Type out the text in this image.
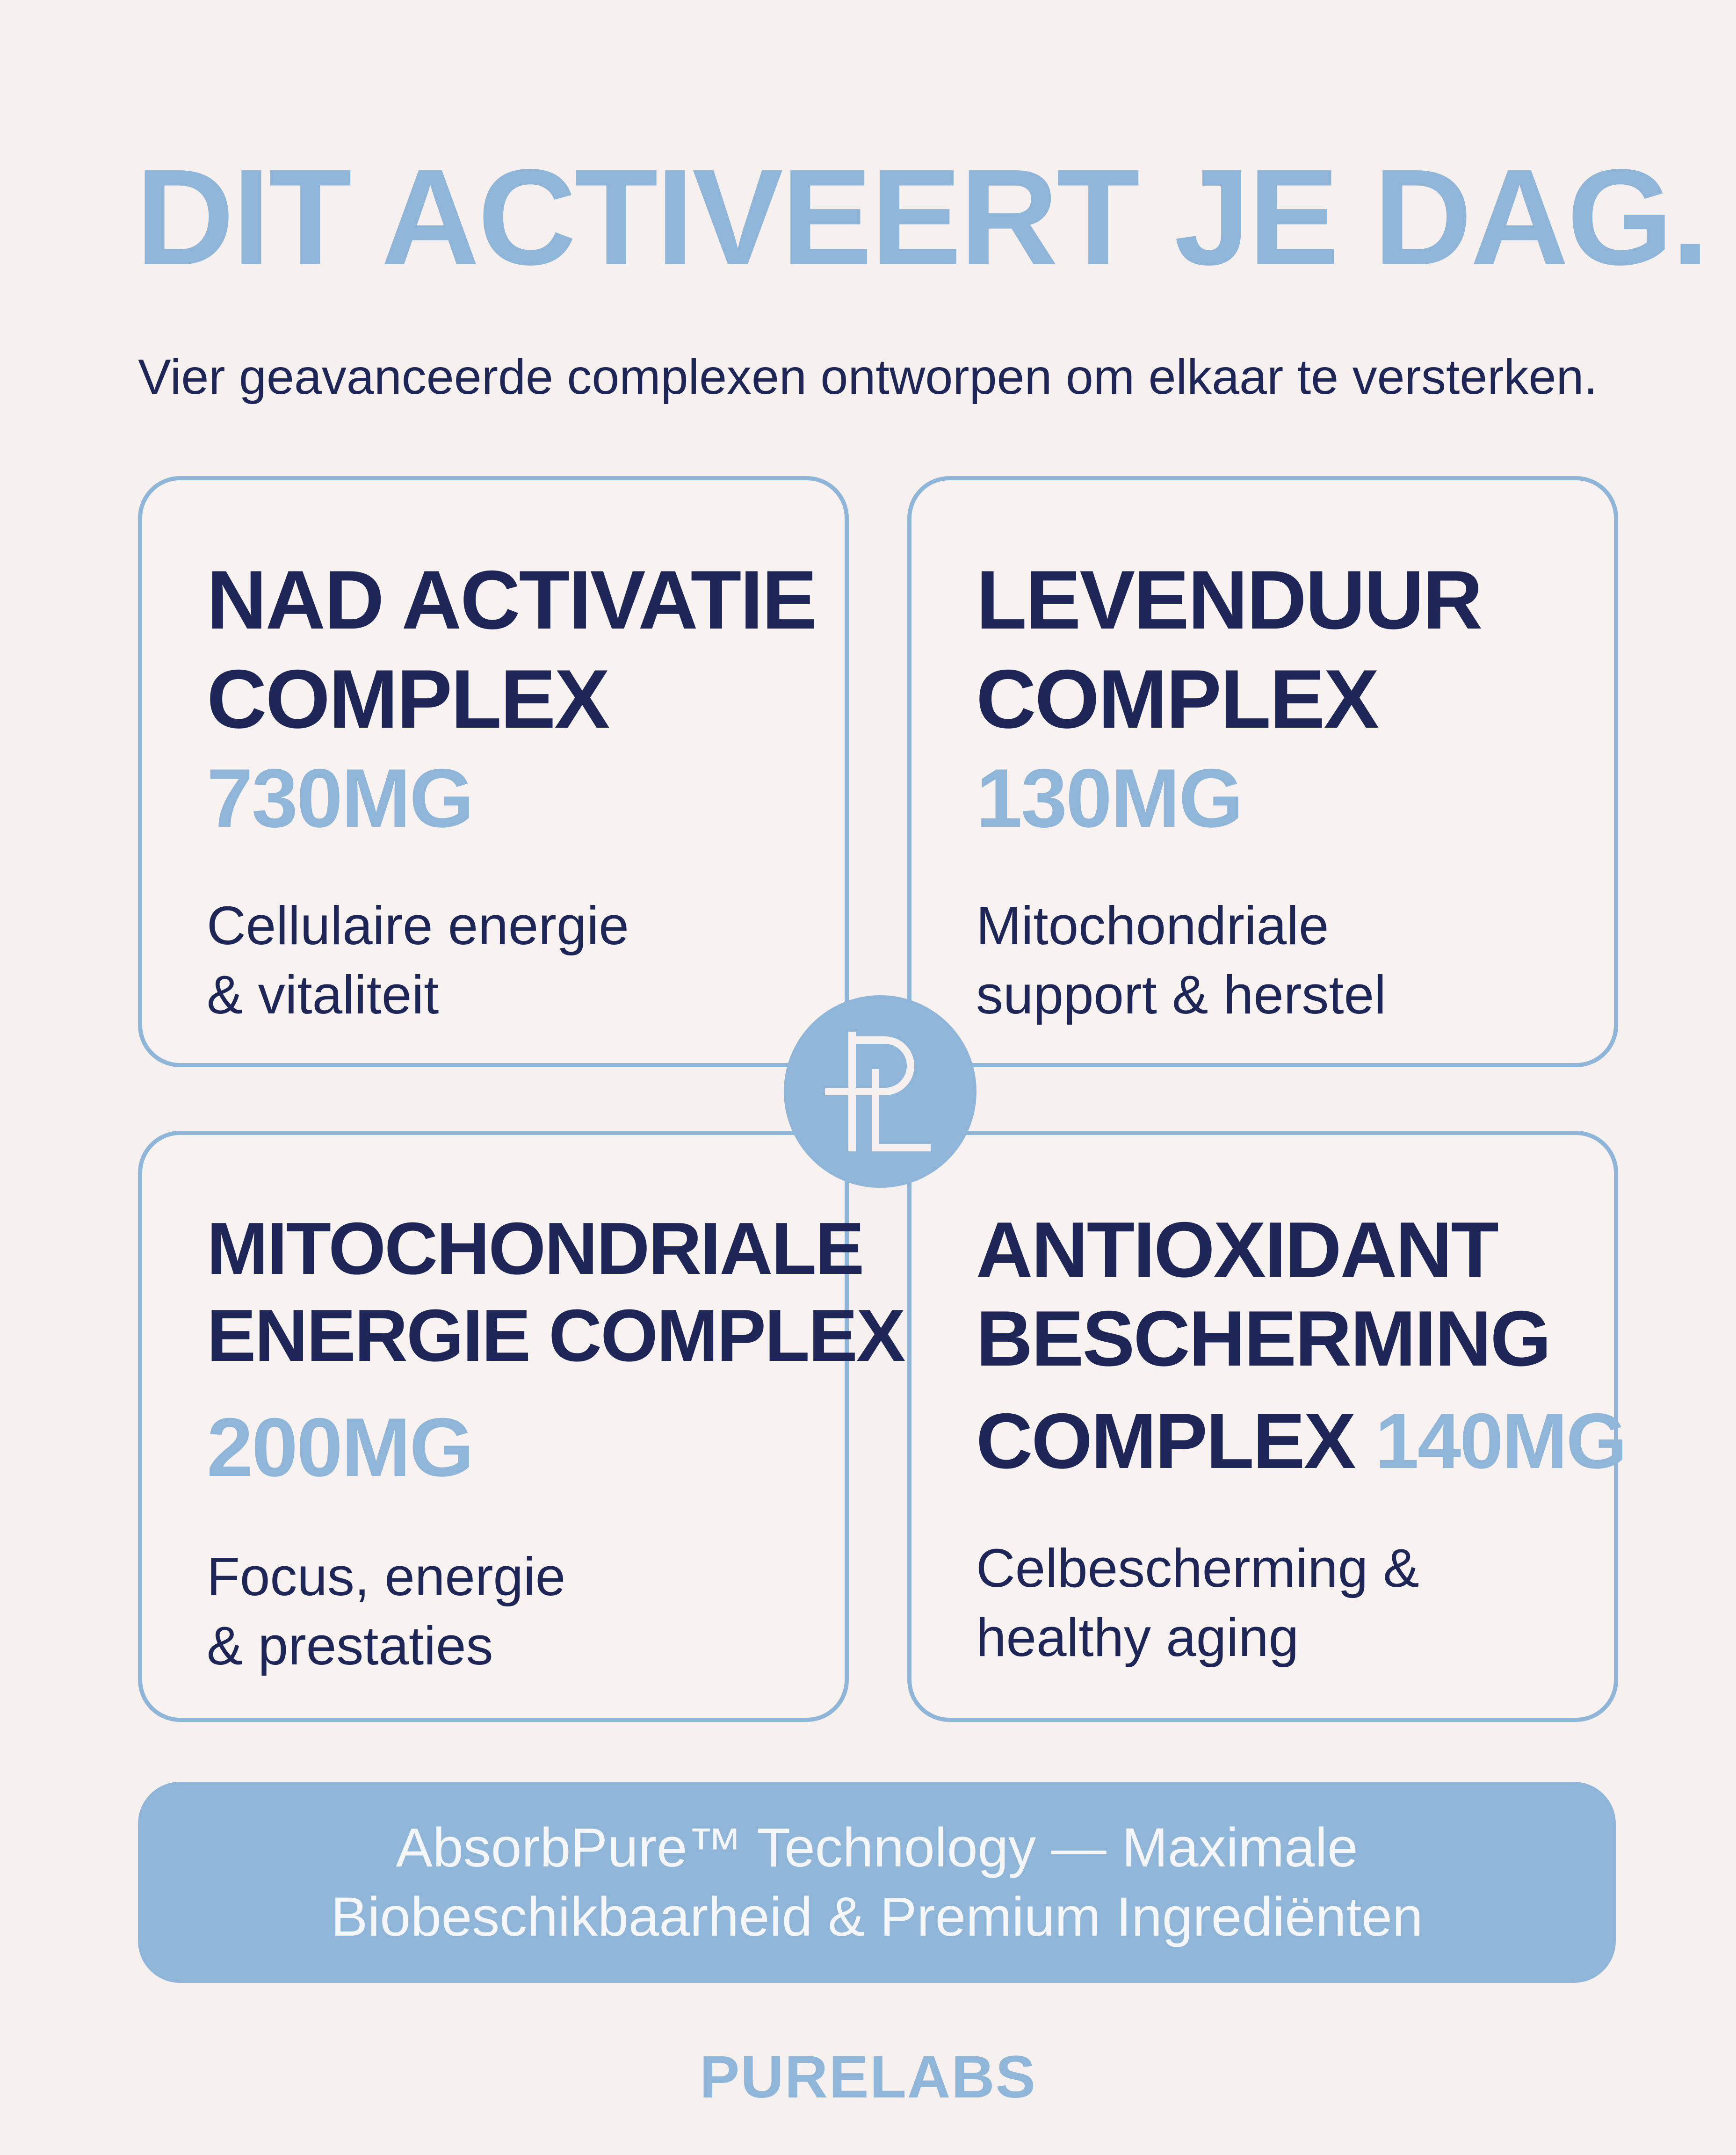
DIT ACTIVEERT JE DAG.

Vier geavanceerde complexen ontworpen om elkaar te versterken.

NAD ACTIVATIE
COMPLEX
730MG
Cellulaire energie
& vitaliteit
LEVENDUUR
COMPLEX
130MG
Mitochondriale
support & herstel
MITOCHONDRIALE
ENERGIE COMPLEX
200MG
Focus, energie
& prestaties
ANTIOXIDANT
BESCHERMING
COMPLEX 140MG
Celbescherming &
healthy aging
AbsorbPure™ Technology — Maximale
Biobeschikbaarheid & Premium Ingrediënten
PURELABS
